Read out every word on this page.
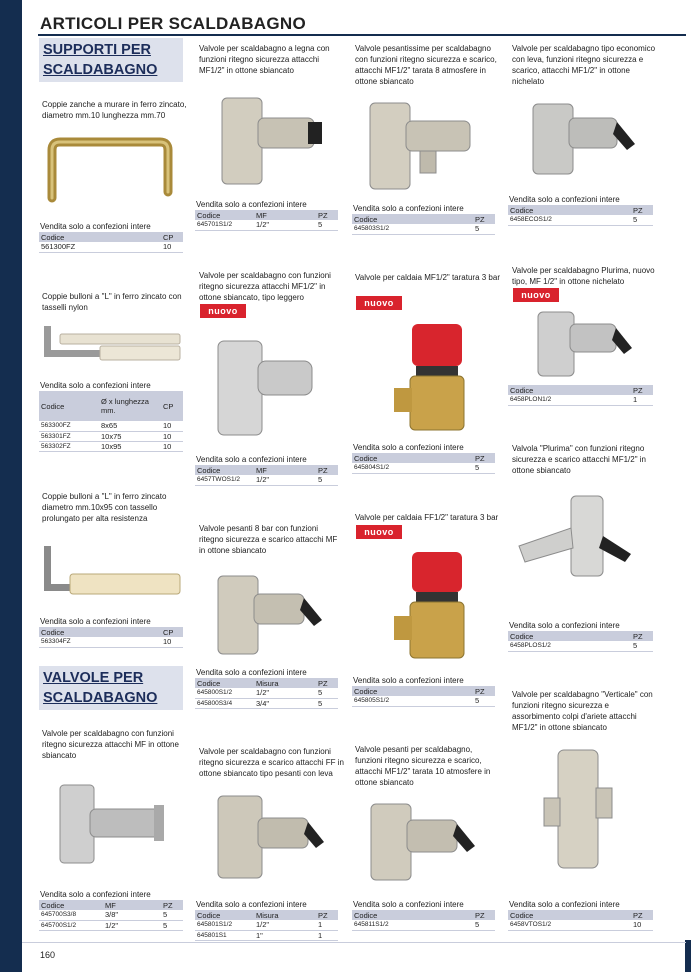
ARTICOLI PER SCALDABAGNO
SUPPORTI PER
SCALDABAGNO
VALVOLE PER
SCALDABAGNO
Coppie zanche a murare in ferro zincato, diametro mm.10 lunghezza mm.70
Vendita solo a confezioni intere
Codice	CP
561300FZ	10
Coppie bulloni a "L" in ferro zincato con tasselli nylon
Vendita solo a confezioni intere
Codice	Ø x lunghezza mm.	CP
563300FZ	8x65	10
563301FZ	10x75	10
563302FZ	10x95	10
Coppie bulloni a "L" in ferro zincato diametro mm.10x95 con tassello prolungato per alta resistenza
Vendita solo a confezioni intere
Codice	CP
563304FZ	10
Valvole per scaldabagno con funzioni ritegno sicurezza attacchi MF in ottone sbiancato
Vendita solo a confezioni intere
Codice	MF	PZ
645700S3/8	3/8"	5
645700S1/2	1/2"	5
Valvole per scaldabagno a legna con funzioni ritegno sicurezza attacchi MF1/2" in ottone sbiancato
Vendita solo a confezioni intere
Codice	MF	PZ
645701S1/2	1/2"	5
Valvole per scaldabagno con funzioni ritegno sicurezza attacchi MF1/2" in ottone sbiancato, tipo leggero
nuovo
Vendita solo a confezioni intere
Codice	MF	PZ
6457TWOS1/2	1/2"	5
Valvole pesanti 8 bar con funzioni ritegno sicurezza e scarico attacchi MF in ottone sbiancato
Vendita solo a confezioni intere
Codice	Misura	PZ
645800S1/2	1/2"	5
645800S3/4	3/4"	5
Valvole per scaldabagno con funzioni ritegno sicurezza e scarico attacchi FF in ottone sbiancato tipo pesanti con leva
Vendita solo a confezioni intere
Codice	Misura	PZ
645801S1/2	1/2"	1
645801S1	1"	1
Valvole pesantissime per scaldabagno con funzioni ritegno sicurezza e scarico, attacchi MF1/2" tarata 8 atmosfere in ottone sbiancato
Vendita solo a confezioni intere
Codice	PZ
645803S1/2	5
Valvole per caldaia MF1/2" taratura 3 bar
nuovo
Vendita solo a confezioni intere
Codice	PZ
645804S1/2	5
Valvole per caldaia FF1/2" taratura 3 bar
nuovo
Vendita solo a confezioni intere
Codice	PZ
645805S1/2	5
Valvole pesanti per scaldabagno, funzioni ritegno sicurezza e scarico, attacchi MF1/2" tarata 10 atmosfere in ottone sbiancato
Vendita solo a confezioni intere
Codice	PZ
645811S1/2	5
Valvole per scaldabagno tipo economico con leva, funzioni ritegno sicurezza e scarico, attacchi MF1/2" in ottone nichelato
Vendita solo a confezioni intere
Codice	PZ
6458ECOS1/2	5
Valvole per scaldabagno Plurima, nuovo tipo, MF 1/2" in ottone nichelato
nuovo
Codice	PZ
6458PLON1/2	1
Valvola "Plurima" con funzioni ritegno sicurezza e scarico attacchi MF1/2" in ottone sbiancato
Vendita solo a confezioni intere
Codice	PZ
6458PLOS1/2	5
Valvole per scaldabagno "Verticale" con funzioni ritegno sicurezza e assorbimento colpi d'ariete attacchi MF1/2" in ottone sbiancato
Vendita solo a confezioni intere
Codice	PZ
6458VTOS1/2	10
160
